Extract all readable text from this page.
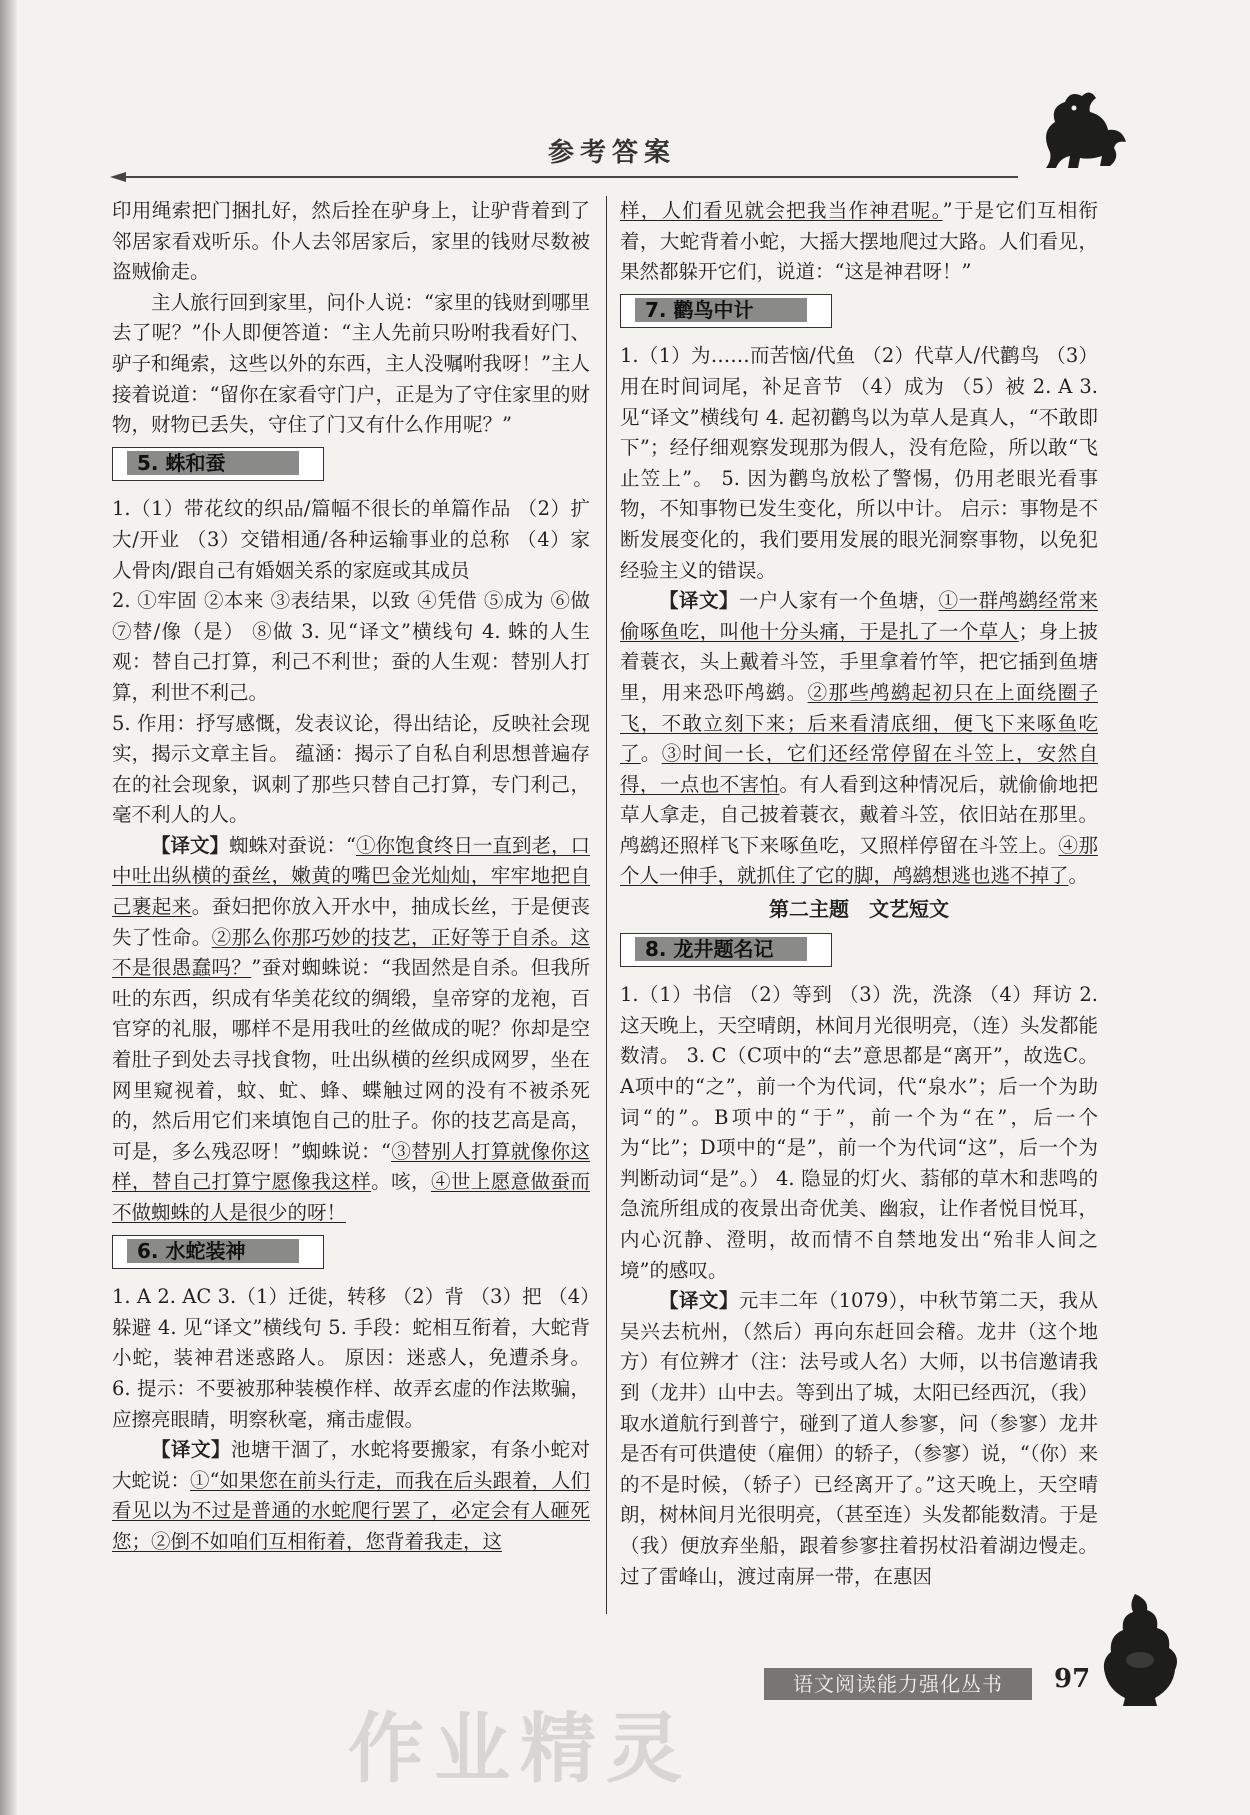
参考答案

印用绳索把门捆扎好，然后拴在驴身上，让驴背着到了邻居家看戏听乐。仆人去邻居家后，家里的钱财尽数被盗贼偷走。

主人旅行回到家里，问仆人说：“家里的钱财到哪里去了呢？”仆人即便答道：“主人先前只吩咐我看好门、驴子和绳索，这些以外的东西，主人没嘱咐我呀！”主人接着说道：“留你在家看守门户，正是为了守住家里的财物，财物已丢失，守住了门又有什么作用呢？”

5. 蛛和蚕

1.（1）带花纹的织品/篇幅不很长的单篇作品 （2）扩大/开业 （3）交错相通/各种运输事业的总称 （4）家人骨肉/跟自己有婚姻关系的家庭或其成员

2. ①牢固 ②本来 ③表结果，以致 ④凭借 ⑤成为 ⑥做 ⑦替/像（是） ⑧做 3. 见“译文”横线句 4. 蛛的人生观：替自己打算，利己不利世；蚕的人生观：替别人打算，利世不利己。

5. 作用：抒写感慨，发表议论，得出结论，反映社会现实，揭示文章主旨。 蕴涵：揭示了自私自利思想普遍存在的社会现象，讽刺了那些只替自己打算，专门利己，毫不利人的人。

【译文】蜘蛛对蚕说：“①你饱食终日一直到老，口中吐出纵横的蚕丝，嫩黄的嘴巴金光灿灿，牢牢地把自己裹起来。蚕妇把你放入开水中，抽成长丝，于是便丧失了性命。②那么你那巧妙的技艺，正好等于自杀。这不是很愚蠢吗？”蚕对蜘蛛说：“我固然是自杀。但我所吐的东西，织成有华美花纹的绸缎，皇帝穿的龙袍，百官穿的礼服，哪样不是用我吐的丝做成的呢？你却是空着肚子到处去寻找食物，吐出纵横的丝织成网罗，坐在网里窥视着，蚊、虻、蜂、蝶触过网的没有不被杀死的，然后用它们来填饱自己的肚子。你的技艺高是高，可是，多么残忍呀！”蜘蛛说：“③替别人打算就像你这样，替自己打算宁愿像我这样。咳，④世上愿意做蚕而不做蜘蛛的人是很少的呀！

6. 水蛇装神

1. A 2. AC 3.（1）迁徙，转移 （2）背 （3）把 （4）躲避 4. 见“译文”横线句 5. 手段：蛇相互衔着，大蛇背小蛇，装神君迷惑路人。 原因：迷惑人，免遭杀身。 6. 提示：不要被那种装模作样、故弄玄虚的作法欺骗，应擦亮眼睛，明察秋毫，痛击虚假。

【译文】池塘干涸了，水蛇将要搬家，有条小蛇对大蛇说：①“如果您在前头行走，而我在后头跟着，人们看见以为不过是普通的水蛇爬行罢了，必定会有人砸死您；②倒不如咱们互相衔着，您背着我走，这

样，人们看见就会把我当作神君呢。”于是它们互相衔着，大蛇背着小蛇，大摇大摆地爬过大路。人们看见，果然都躲开它们，说道：“这是神君呀！”

7. 鹳鸟中计

1.（1）为……而苦恼/代鱼 （2）代草人/代鹳鸟 （3）用在时间词尾，补足音节 （4）成为 （5）被 2. A 3. 见“译文”横线句 4. 起初鹳鸟以为草人是真人，“不敢即下”；经仔细观察发现那为假人，没有危险，所以敢“飞止笠上”。 5. 因为鹳鸟放松了警惕，仍用老眼光看事物，不知事物已发生变化，所以中计。 启示：事物是不断发展变化的，我们要用发展的眼光洞察事物，以免犯经验主义的错误。

【译文】一户人家有一个鱼塘，①一群鸬鹚经常来偷啄鱼吃，叫他十分头痛，于是扎了一个草人；身上披着蓑衣，头上戴着斗笠，手里拿着竹竿，把它插到鱼塘里，用来恐吓鸬鹚。②那些鸬鹚起初只在上面绕圈子飞，不敢立刻下来；后来看清底细，便飞下来啄鱼吃了。③时间一长，它们还经常停留在斗笠上，安然自得，一点也不害怕。有人看到这种情况后，就偷偷地把草人拿走，自己披着蓑衣，戴着斗笠，依旧站在那里。鸬鹚还照样飞下来啄鱼吃，又照样停留在斗笠上。④那个人一伸手，就抓住了它的脚，鸬鹚想逃也逃不掉了。

第二主题　文艺短文
8. 龙井题名记

1.（1）书信 （2）等到 （3）洗，洗涤 （4）拜访 2. 这天晚上，天空晴朗，林间月光很明亮，（连）头发都能数清。 3. C（C项中的“去”意思都是“离开”，故选C。A项中的“之”，前一个为代词，代“泉水”；后一个为助词“的”。B项中的“于”，前一个为“在”，后一个为“比”；D项中的“是”，前一个为代词“这”，后一个为判断动词“是”。） 4. 隐显的灯火、蓊郁的草木和悲鸣的急流所组成的夜景出奇优美、幽寂，让作者悦目悦耳，内心沉静、澄明，故而情不自禁地发出“殆非人间之境”的感叹。

【译文】元丰二年（1079），中秋节第二天，我从吴兴去杭州，（然后）再向东赶回会稽。龙井（这个地方）有位辨才（注：法号或人名）大师，以书信邀请我到（龙井）山中去。等到出了城，太阳已经西沉，（我）取水道航行到普宁，碰到了道人参寥，问（参寥）龙井是否有可供遣使（雇佣）的轿子，（参寥）说，“（你）来的不是时候，（轿子）已经离开了。”这天晚上，天空晴朗，树林间月光很明亮，（甚至连）头发都能数清。于是（我）便放弃坐船，跟着参寥拄着拐杖沿着湖边慢走。过了雷峰山，渡过南屏一带，在惠因

语文阅读能力强化丛书	97
作业精灵
